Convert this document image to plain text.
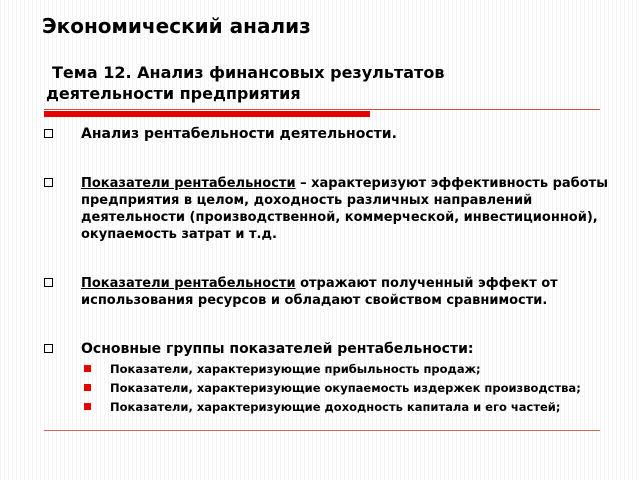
Экономический анализ
Тема 12. Анализ финансовых результатов
деятельности предприятия
Анализ рентабельности деятельности.
Показатели рентабельности – характеризуют эффективность работы предприятия в целом, доходность различных направлений деятельности (производственной, коммерческой, инвестиционной), окупаемость затрат и т.д.
Показатели рентабельности отражают полученный эффект от использования ресурсов и обладают свойством сравнимости.
Основные группы показателей рентабельности:
Показатели, характеризующие прибыльность продаж;
Показатели, характеризующие окупаемость издержек производства;
Показатели, характеризующие доходность капитала и его частей;
